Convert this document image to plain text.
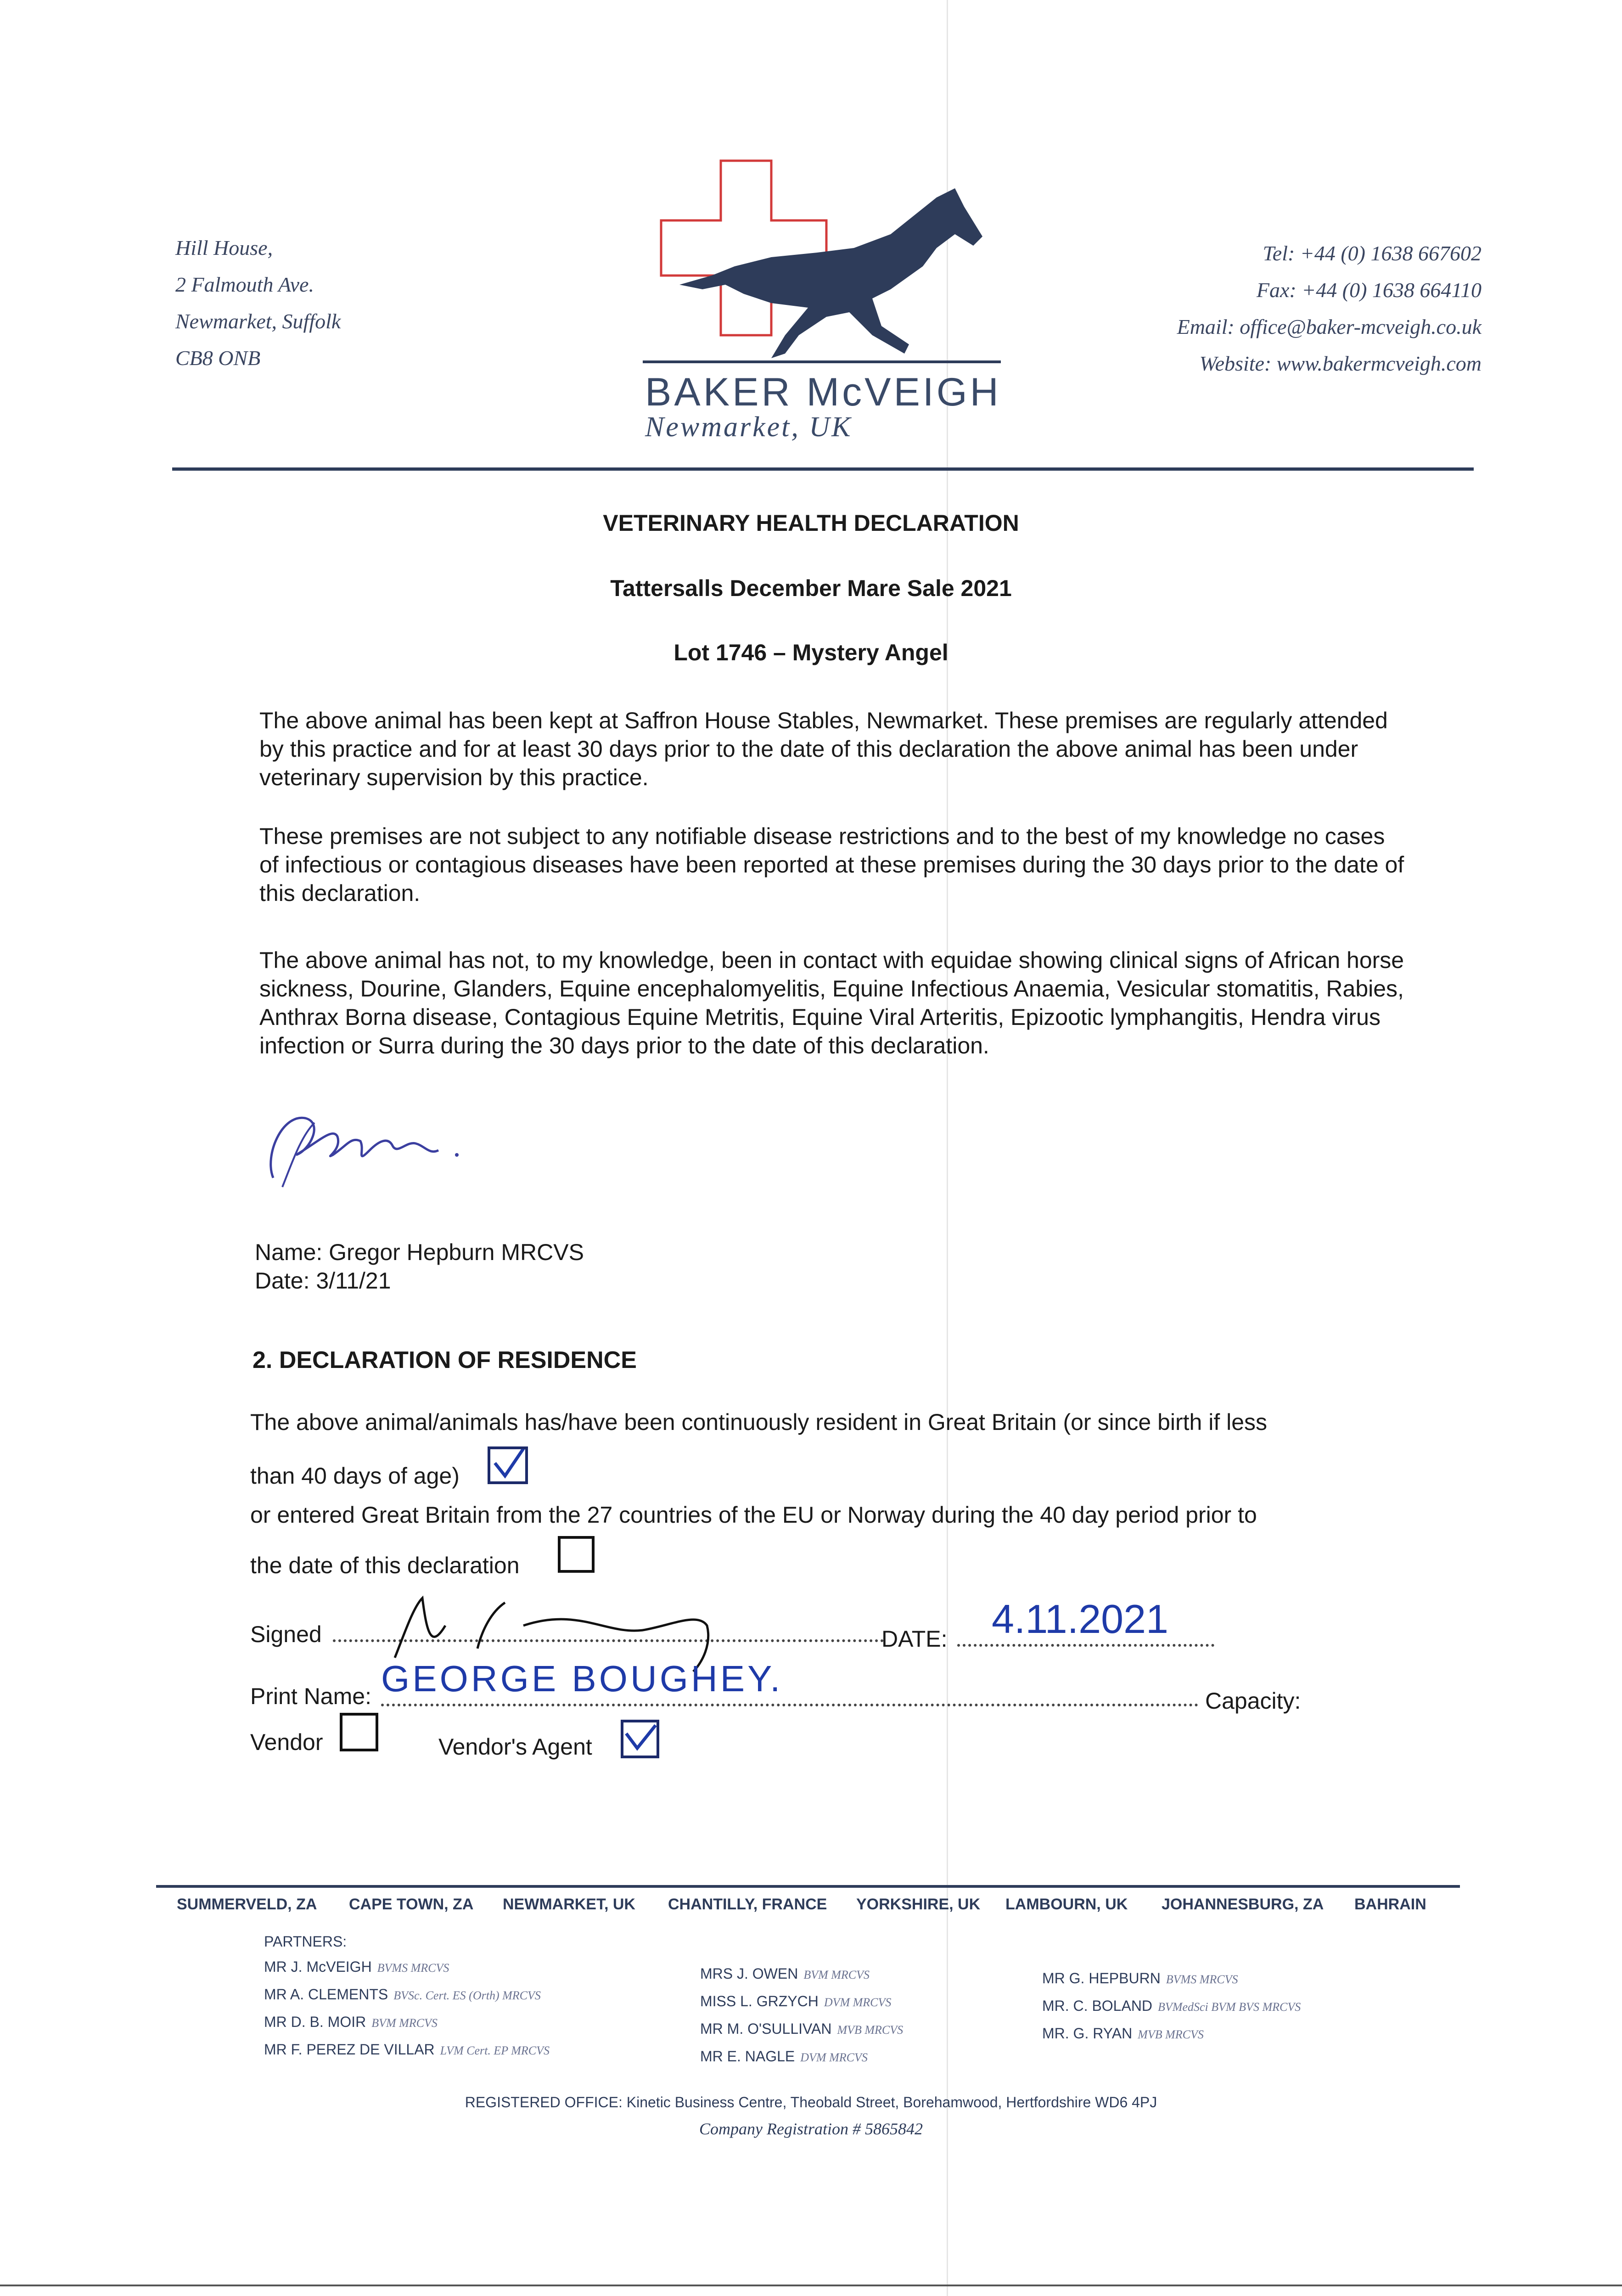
Hill House,
2 Falmouth Ave.
Newmarket, Suffolk
CB8 ONB
BAKER McVEIGH
Newmarket, UK
Tel: +44 (0) 1638 667602
Fax: +44 (0) 1638 664110
Email: office@baker-mcveigh.co.uk
Website: www.bakermcveigh.com
VETERINARY HEALTH DECLARATION
Tattersalls December Mare Sale 2021
Lot 1746 – Mystery Angel
The above animal has been kept at Saffron House Stables, Newmarket. These premises are regularly attended by this practice and for at least 30 days prior to the date of this declaration the above animal has been under veterinary supervision by this practice.
These premises are not subject to any notifiable disease restrictions and to the best of my knowledge no cases of infectious or contagious diseases have been reported at these premises during the 30 days prior to the date of this declaration.
The above animal has not, to my knowledge, been in contact with equidae showing clinical signs of African horse sickness, Dourine, Glanders, Equine encephalomyelitis, Equine Infectious Anaemia, Vesicular stomatitis, Rabies, Anthrax Borna disease, Contagious Equine Metritis, Equine Viral Arteritis, Epizootic lymphangitis, Hendra virus infection or Surra during the 30 days prior to the date of this declaration.
Name: Gregor Hepburn MRCVS
Date: 3/11/21
2. DECLARATION OF RESIDENCE
The above animal/animals has/have been continuously resident in Great Britain (or since birth if less
than 40 days of age)
or entered Great Britain from the 27 countries of the EU or Norway during the 40 day period prior to
the date of this declaration
Signed	DATE: 4.11.2021
Print Name: GEORGE BOUGHEY.
Capacity:
Vendor	Vendor's Agent
SUMMERVELD, ZA CAPE TOWN, ZA NEWMARKET, UK CHANTILLY, FRANCE YORKSHIRE, UK LAMBOURN, UK JOHANNESBURG, ZA BAHRAIN
PARTNERS:
MR J. McVEIGH BVMS MRCVS
MR A. CLEMENTS BVSc. Cert. ES (Orth) MRCVS
MR D. B. MOIR BVM MRCVS
MR F. PEREZ DE VILLAR LVM Cert. EP MRCVS
MRS J. OWEN BVM MRCVS
MISS L. GRZYCH DVM MRCVS
MR M. O'SULLIVAN MVB MRCVS
MR E. NAGLE DVM MRCVS
MR G. HEPBURN BVMS MRCVS
MR. C. BOLAND BVMedSci BVM BVS MRCVS
MR. G. RYAN MVB MRCVS
REGISTERED OFFICE: Kinetic Business Centre, Theobald Street, Borehamwood, Hertfordshire WD6 4PJ
Company Registration # 5865842
